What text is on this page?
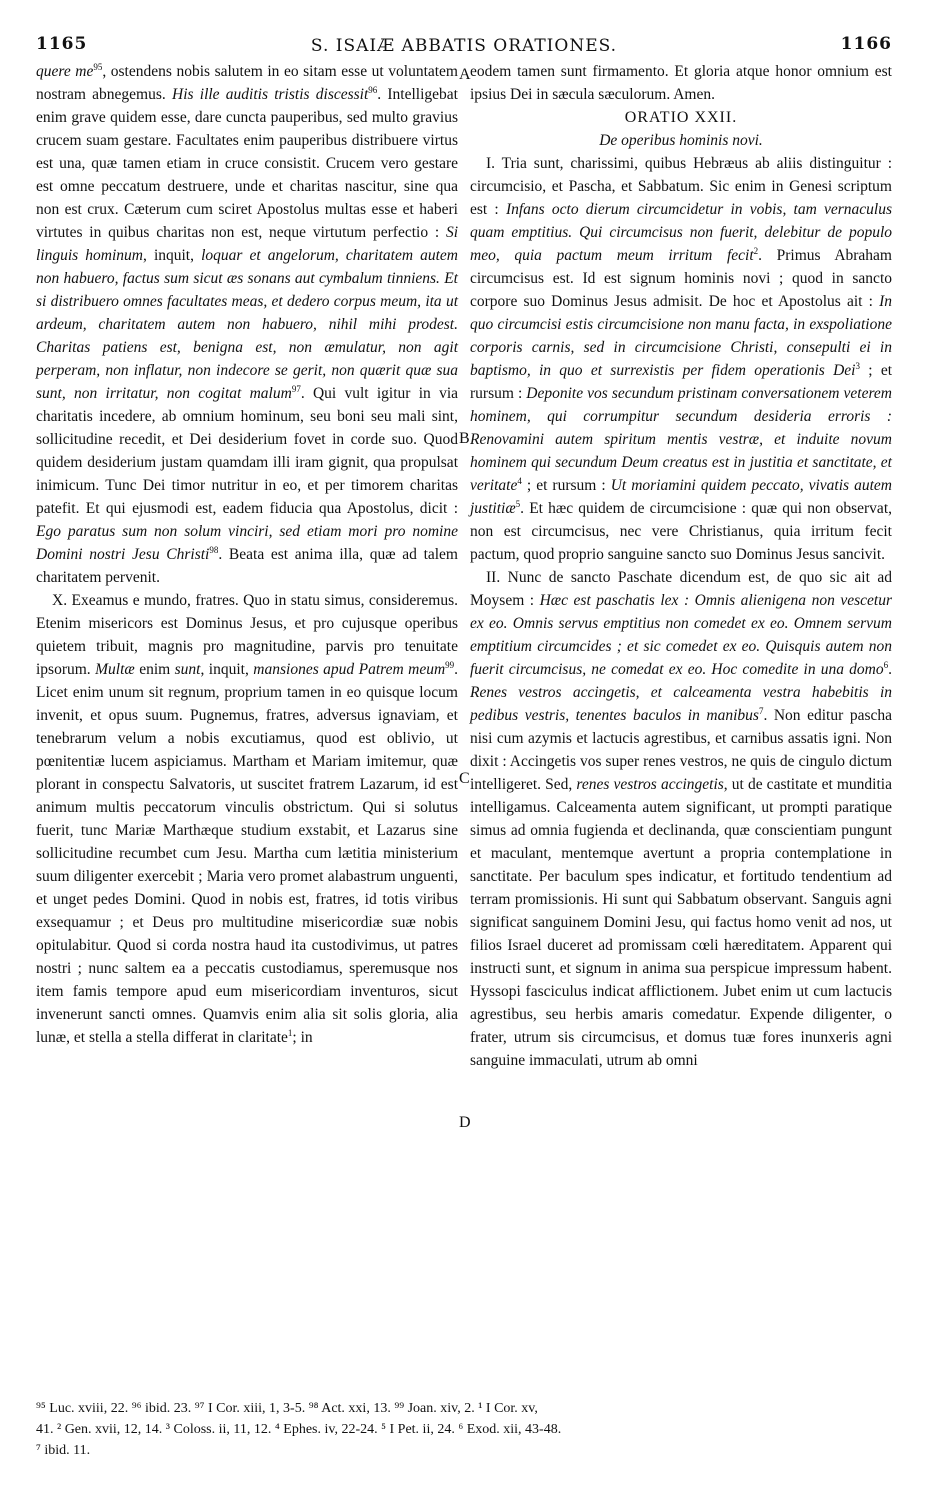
1165	S. ISAIÆ ABBATIS ORATIONES.	1166
A
B
C
D

quere $me^{95}$, ostendens nobis salutem in eo sitam esse ut voluntatem nostram abnegemus. His ille auditis tristis discessit$^{96}$. Intelligebat enim grave quidem esse, dare cuncta pauperibus, sed multo gravius crucem suam gestare. Facultates enim pauperibus distribuere virtus est una, quæ tamen etiam in cruce consistit. Crucem vero gestare est omne peccatum destruere, unde et charitas nascitur, sine qua non est crux. Cæterum cum sciret Apostolus multas esse et haberi virtutes in quibus charitas non est, neque virtutum perfectio : Si linguis hominum, inquit, loquar et angelorum, charitatem autem non habuero, factus sum sicut æs sonans aut cymbalum tinniens. Et si distribuero omnes facultates meas, et dedero corpus meum, ita ut ardeum, charitatem autem non habuero, nihil mihi prodest. Charitas patiens est, benigna est, non æmulatur, non agit perperam, non inflatur, non indecore se gerit, non quærit quæ sua sunt, non irritatur, non cogitat malum$^{97}$. Qui vult igitur in via charitatis incedere, ab omnium hominum, seu boni seu mali sint, sollicitudine recedit, et Dei desiderium fovet in corde suo. Quod quidem desiderium justam quamdam illi iram gignit, qua propulsat inimicum. Tunc Dei timor nutritur in eo, et per timorem charitas patefit. Et qui ejusmodi est, eadem fiducia qua Apostolus, dicit : Ego paratus sum non solum vinciri, sed etiam mori pro nomine Domini nostri Jesu Christi$^{98}$. Beata est anima illa, quæ ad talem charitatem pervenit.

X. Exeamus e mundo, fratres. Quo in statu simus, consideremus. Etenim misericors est Dominus Jesus, et pro cujusque operibus quietem tribuit, magnis pro magnitudine, parvis pro tenuitate ipsorum. Multæ enim sunt, inquit, mansiones apud Patrem meum$^{99}$. Licet enim unum sit regnum, proprium tamen in eo quisque locum invenit, et opus suum. Pugnemus, fratres, adversus ignaviam, et tenebrarum velum a nobis excutiamus, quod est oblivio, ut pœnitentiæ lucem aspiciamus. Martham et Mariam imitemur, quæ plorant in conspectu Salvatoris, ut suscitet fratrem Lazarum, id est animum multis peccatorum vinculis obstrictum. Qui si solutus fuerit, tunc Mariæ Marthæque studium exstabit, et Lazarus sine sollicitudine recumbet cum Jesu. Martha cum lætitia ministerium suum diligenter exercebit ; Maria vero promet alabastrum unguenti, et unget pedes Domini. Quod in nobis est, fratres, id totis viribus exsequamur ; et Deus pro multitudine misericordiæ suæ nobis opitulabitur. Quod si corda nostra haud ita custodivimus, ut patres nostri ; nunc saltem ea a peccatis custodiamus, speremusque nos item famis tempore apud eum misericordiam inventuros, sicut invenerunt sancti omnes. Quamvis enim alia sit solis gloria, alia lunæ, et stella a stella differat in claritate$^1$; in

eodem tamen sunt firmamento. Et gloria atque honor omnium est ipsius Dei in sæcula sæculorum. Amen.

ORATIO XXII.

De operibus hominis novi.

I. Tria sunt, charissimi, quibus Hebræus ab aliis distinguitur : circumcisio, et Pascha, et Sabbatum. Sic enim in Genesi scriptum est : Infans octo dierum circumcidetur in vobis, tam vernaculus quam emptitius. Qui circumcisus non fuerit, delebitur de populo meo, quia pactum meum irritum fecit$^2$. Primus Abraham circumcisus est. Id est signum hominis novi ; quod in sancto corpore suo Dominus Jesus admisit. De hoc et Apostolus ait : In quo circumcisi estis circumcisione non manu facta, in exspoliatione corporis carnis, sed in circumcisione Christi, consepulti ei in baptismo, in quo et surrexistis per fidem operationis Dei$^3$ ; et rursum : Deponite vos secundum pristinam conversationem veterem hominem, qui corrumpitur secundum desideria erroris : Renovamini autem spiritum mentis vestræ, et induite novum hominem qui secundum Deum creatus est in justitia et sanctitate, et veritate$^4$ ; et rursum : Ut moriamini quidem peccato, vivatis autem justitiæ$^5$. Et hæc quidem de circumcisione : quæ qui non observat, non est circumcisus, nec vere Christianus, quia irritum fecit pactum, quod proprio sanguine sancto suo Dominus Jesus sancivit.

II. Nunc de sancto Paschate dicendum est, de quo sic ait ad Moysem : Hæc est paschatis lex : Omnis alienigena non vescetur ex eo. Omnis servus emptitius non comedet ex eo. Omnem servum emptitium circumcides ; et sic comedet ex eo. Quisquis autem non fuerit circumcisus, ne comedat ex eo. Hoc comedite in una domo$^6$. Renes vestros accingetis, et calceamenta vestra habebitis in pedibus vestris, tenentes baculos in manibus$^7$. Non editur pascha nisi cum azymis et lactucis agrestibus, et carnibus assatis igni. Non dixit : Accingetis vos super renes vestros, ne quis de cingulo dictum intelligeret. Sed, renes vestros accingetis, ut de castitate et munditia intelligamus. Calceamenta autem significant, ut prompti paratique simus ad omnia fugienda et declinanda, quæ conscientiam pungunt et maculant, mentemque avertunt a propria contemplatione in sanctitate. Per baculum spes indicatur, et fortitudo tendentium ad terram promissionis. Hi sunt qui Sabbatum observant. Sanguis agni significat sanguinem Domini Jesu, qui factus homo venit ad nos, ut filios Israel duceret ad promissam cœli hæreditatem. Apparent qui instructi sunt, et signum in anima sua perspicue impressum habent. Hyssopi fasciculus indicat afflictionem. Jubet enim ut cum lactucis agrestibus, seu herbis amaris comedatur. Expende diligenter, o frater, utrum sis circumcisus, et domus tuæ fores inunxeris agni sanguine immaculati, utrum ab omni

⁹⁵ Luc. xviii, 22. ⁹⁶ ibid. 23. ⁹⁷ I Cor. xiii, 1, 3-5. ⁹⁸ Act. xxi, 13. ⁹⁹ Joan. xiv, 2. ¹ I Cor. xv,
41. ² Gen. xvii, 12, 14. ³ Coloss. ii, 11, 12. ⁴ Ephes. iv, 22-24. ⁵ I Pet. ii, 24. ⁶ Exod. xii, 43-48.
⁷ ibid. 11.
